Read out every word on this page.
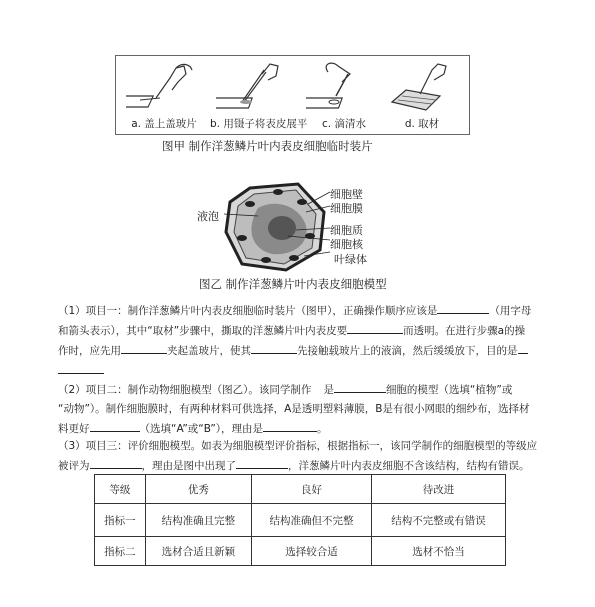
a. 盖上盖玻片	b. 用镊子将表皮展平	c. 滴清水	d. 取材
图甲 制作洋葱鳞片叶内表皮细胞临时装片
液泡
细胞壁
细胞膜
细胞质
细胞核
叶绿体
图乙 制作洋葱鳞片叶内表皮细胞模型
（1）项目一：制作洋葱鳞片叶内表皮细胞临时装片（图甲），正确操作顺序应该是	（用字母
和箭头表示），其中“取材”步骤中，撕取的洋葱鳞片叶内表皮要	而透明。在进行步骤a的操
作时，应先用	夹起盖玻片，使其	先接触载玻片上的液滴，然后缓缓放下，目的是
（2）项目二：制作动物细胞模型（图乙）。该同学制作 是	细胞的模型（选填“植物”或
“动物”）。制作细胞膜时，有两种材料可供选择，A是透明塑料薄膜，B是有很小网眼的细纱布，选择材
料更好	（选填“A”或“B”），理由是	。
（3）项目三：评价细胞模型。如表为细胞模型评价指标，根据指标一，该同学制作的细胞模型的等级应
被评为	，理由是图中出现了	，洋葱鳞片叶内表皮细胞不含该结构，结构有错误。
等级	优秀	良好	待改进
指标一	结构准确且完整	结构准确但不完整	结构不完整或有错误
指标二	选材合适且新颖	选择较合适	选材不恰当
